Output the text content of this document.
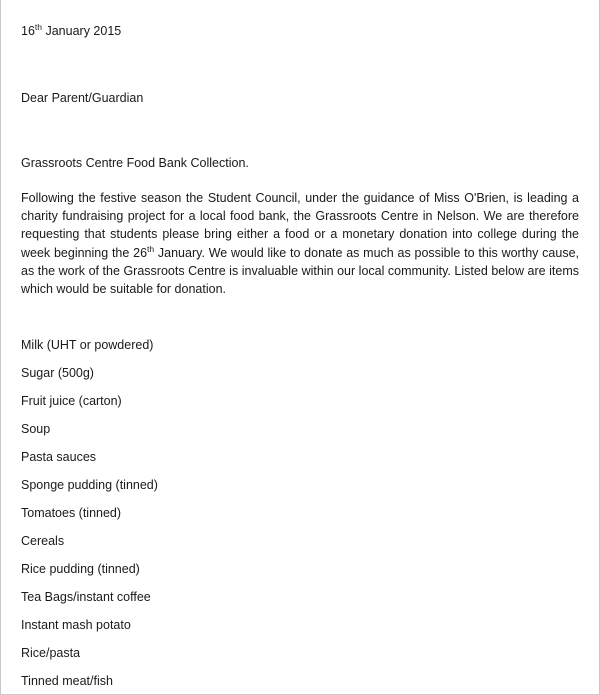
16th January 2015
Dear Parent/Guardian
Grassroots Centre Food Bank Collection.

Following the festive season the Student Council, under the guidance of Miss O'Brien, is leading a charity fundraising project for a local food bank, the Grassroots Centre in Nelson. We are therefore requesting that students please bring either a food or a monetary donation into college during the week beginning the 26th January. We would like to donate as much as possible to this worthy cause, as the work of the Grassroots Centre is invaluable within our local community. Listed below are items which would be suitable for donation.

Milk (UHT or powdered)
Sugar (500g)
Fruit juice (carton)
Soup
Pasta sauces
Sponge pudding (tinned)
Tomatoes (tinned)
Cereals
Rice pudding (tinned)
Tea Bags/instant coffee
Instant mash potato
Rice/pasta
Tinned meat/fish
